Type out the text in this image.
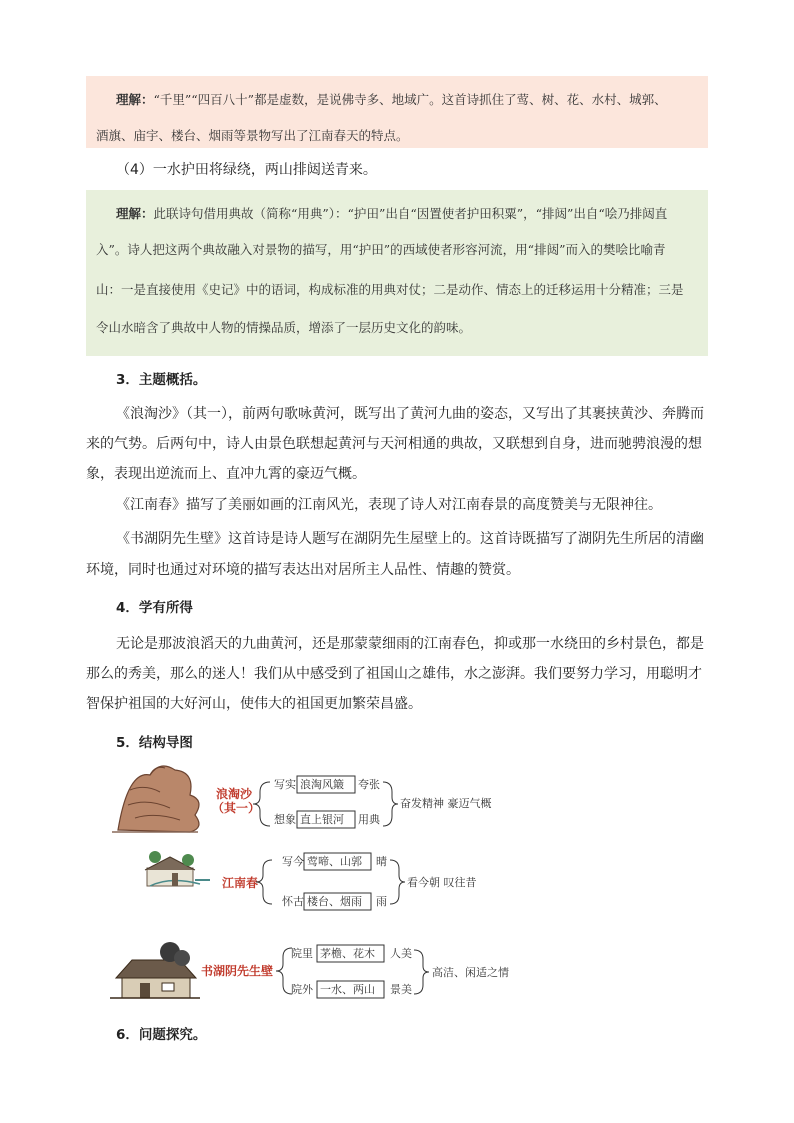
理解：“千里”“四百八十”都是虚数，是说佛寺多、地域广。这首诗抓住了莺、树、花、水村、城郭、

酒旗、庙宇、楼台、烟雨等景物写出了江南春天的特点。

（4）一水护田将绿绕，两山排闼送青来。

理解：此联诗句借用典故（简称“用典”）：“护田”出自“因置使者护田积粟”，“排闼”出自“哙乃排闼直

入”。诗人把这两个典故融入对景物的描写，用“护田”的西域使者形容河流，用“排闼”而入的樊哙比喻青

山：一是直接使用《史记》中的语词，构成标准的用典对仗；二是动作、情态上的迁移运用十分精准；三是

令山水暗含了典故中人物的情操品质，增添了一层历史文化的韵味。

3．主题概括。
《浪淘沙》（其一），前两句歌咏黄河，既写出了黄河九曲的姿态，又写出了其裹挟黄沙、奔腾而
来的气势。后两句中，诗人由景色联想起黄河与天河相通的典故，又联想到自身，进而驰骋浪漫的想
象，表现出逆流而上、直冲九霄的豪迈气概。
《江南春》描写了美丽如画的江南风光，表现了诗人对江南春景的高度赞美与无限神往。
《书湖阴先生壁》这首诗是诗人题写在湖阴先生屋壁上的。这首诗既描写了湖阴先生所居的清幽
环境，同时也通过对环境的描写表达出对居所主人品性、情趣的赞赏。
4．学有所得
无论是那波浪滔天的九曲黄河，还是那蒙蒙细雨的江南春色，抑或那一水绕田的乡村景色，都是
那么的秀美，那么的迷人！我们从中感受到了祖国山之雄伟，水之澎湃。我们要努力学习，用聪明才
智保护祖国的大好河山，使伟大的祖国更加繁荣昌盛。
5．结构导图
浪淘沙
（其一）
写实 浪淘风簸 夸张
想象 直上银河 用典
奋发精神 豪迈气概
江南春
写今 莺啼、山郭 晴
怀古 楼台、烟雨 雨
看今朝 叹往昔
书湖阴先生壁
院里 茅檐、花木 人美
院外 一水、两山 景美
高洁、闲适之情
6．问题探究。
